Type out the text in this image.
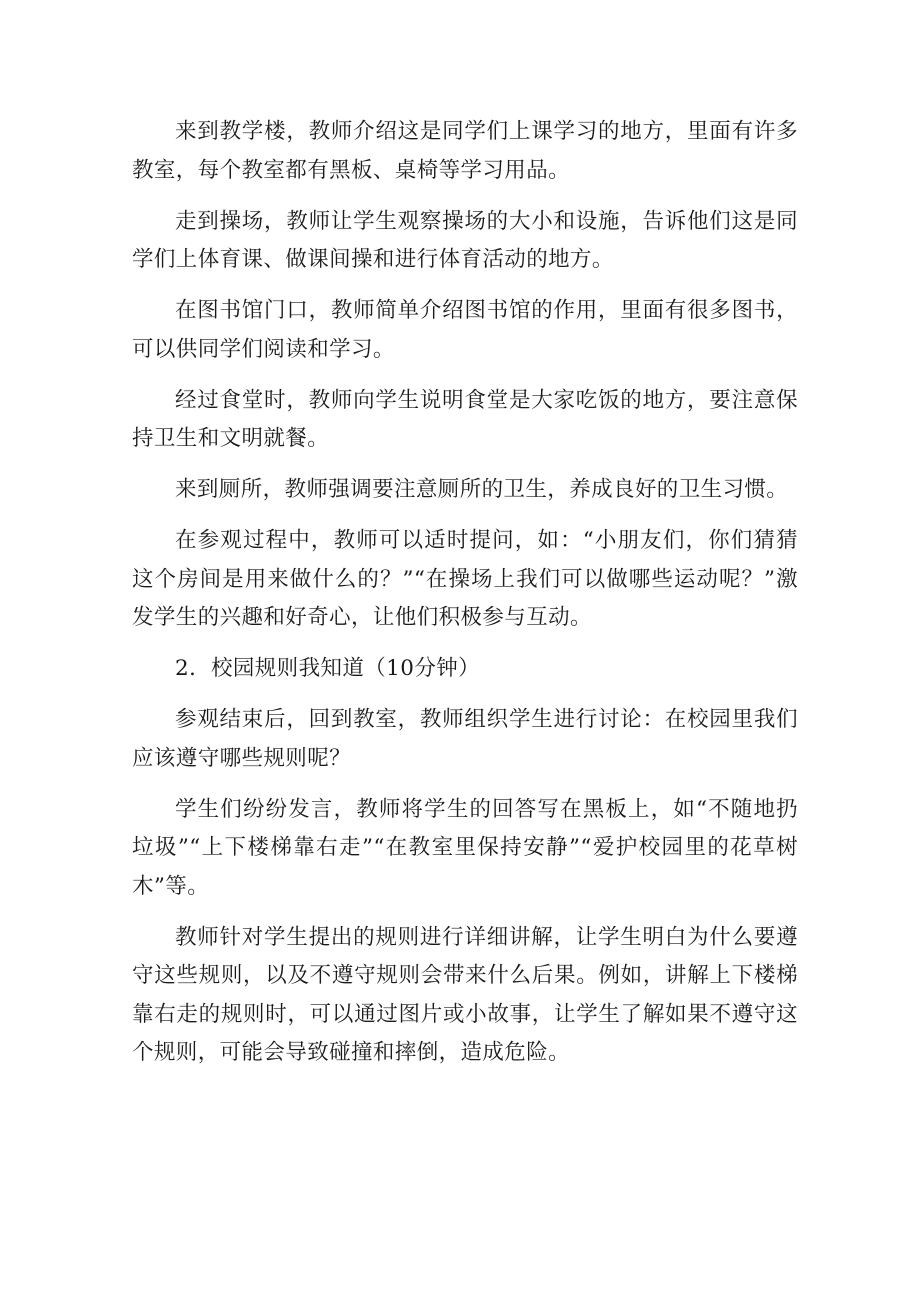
来到教学楼，教师介绍这是同学们上课学习的地方，里面有许多教室，每个教室都有黑板、桌椅等学习用品。

走到操场，教师让学生观察操场的大小和设施，告诉他们这是同学们上体育课、做课间操和进行体育活动的地方。

在图书馆门口，教师简单介绍图书馆的作用，里面有很多图书，可以供同学们阅读和学习。

经过食堂时，教师向学生说明食堂是大家吃饭的地方，要注意保持卫生和文明就餐。

来到厕所，教师强调要注意厕所的卫生，养成良好的卫生习惯。

在参观过程中，教师可以适时提问，如：“小朋友们，你们猜猜这个房间是用来做什么的？”“在操场上我们可以做哪些运动呢？”激发学生的兴趣和好奇心，让他们积极参与互动。

2．校园规则我知道（10分钟）

参观结束后，回到教室，教师组织学生进行讨论：在校园里我们应该遵守哪些规则呢？

学生们纷纷发言，教师将学生的回答写在黑板上，如“不随地扔垃圾”“上下楼梯靠右走”“在教室里保持安静”“爱护校园里的花草树木”等。

教师针对学生提出的规则进行详细讲解，让学生明白为什么要遵守这些规则，以及不遵守规则会带来什么后果。例如，讲解上下楼梯靠右走的规则时，可以通过图片或小故事，让学生了解如果不遵守这个规则，可能会导致碰撞和摔倒，造成危险。
